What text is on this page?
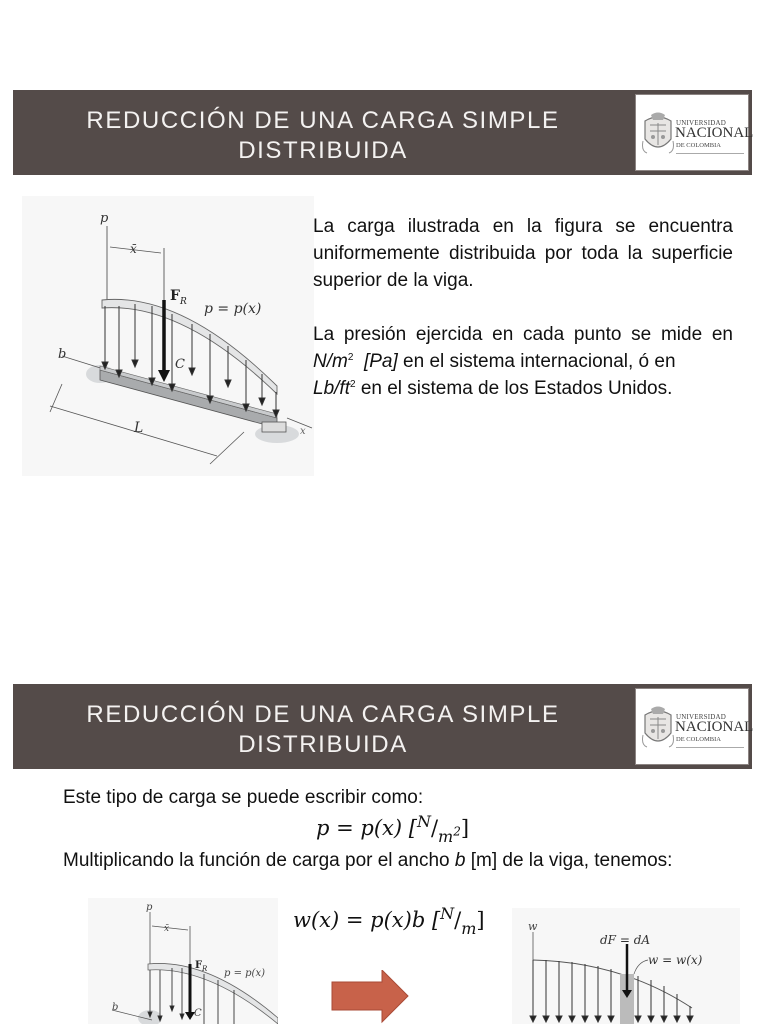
REDUCCIÓN DE UNA CARGA SIMPLE
DISTRIBUIDA
UNIVERSIDAD
NACIONAL
DE COLOMBIA
p
x̄
F R p = p(x)
b
C
L	x

La carga ilustrada en la figura se encuentra uniformemente distribuida por toda la superficie superior de la viga.

La presión ejercida en cada punto se mide en $N/m^2$ [Pa] en el sistema internacional, ó en
$Lb/ft^2$ en el sistema de los Estados Unidos.

REDUCCIÓN DE UNA CARGA SIMPLE
DISTRIBUIDA
UNIVERSIDAD
NACIONAL
DE COLOMBIA
Este tipo de carga se puede escribir como:
p = p(x) $[^N/_{m^2}]$
Multiplicando la función de carga por el ancho b [m] de la viga, tenemos:
w(x) = p(x)b $[^N/_m]$
p
x̄
F R p = p(x)
b
C
w
dF = dA
w = w(x)
